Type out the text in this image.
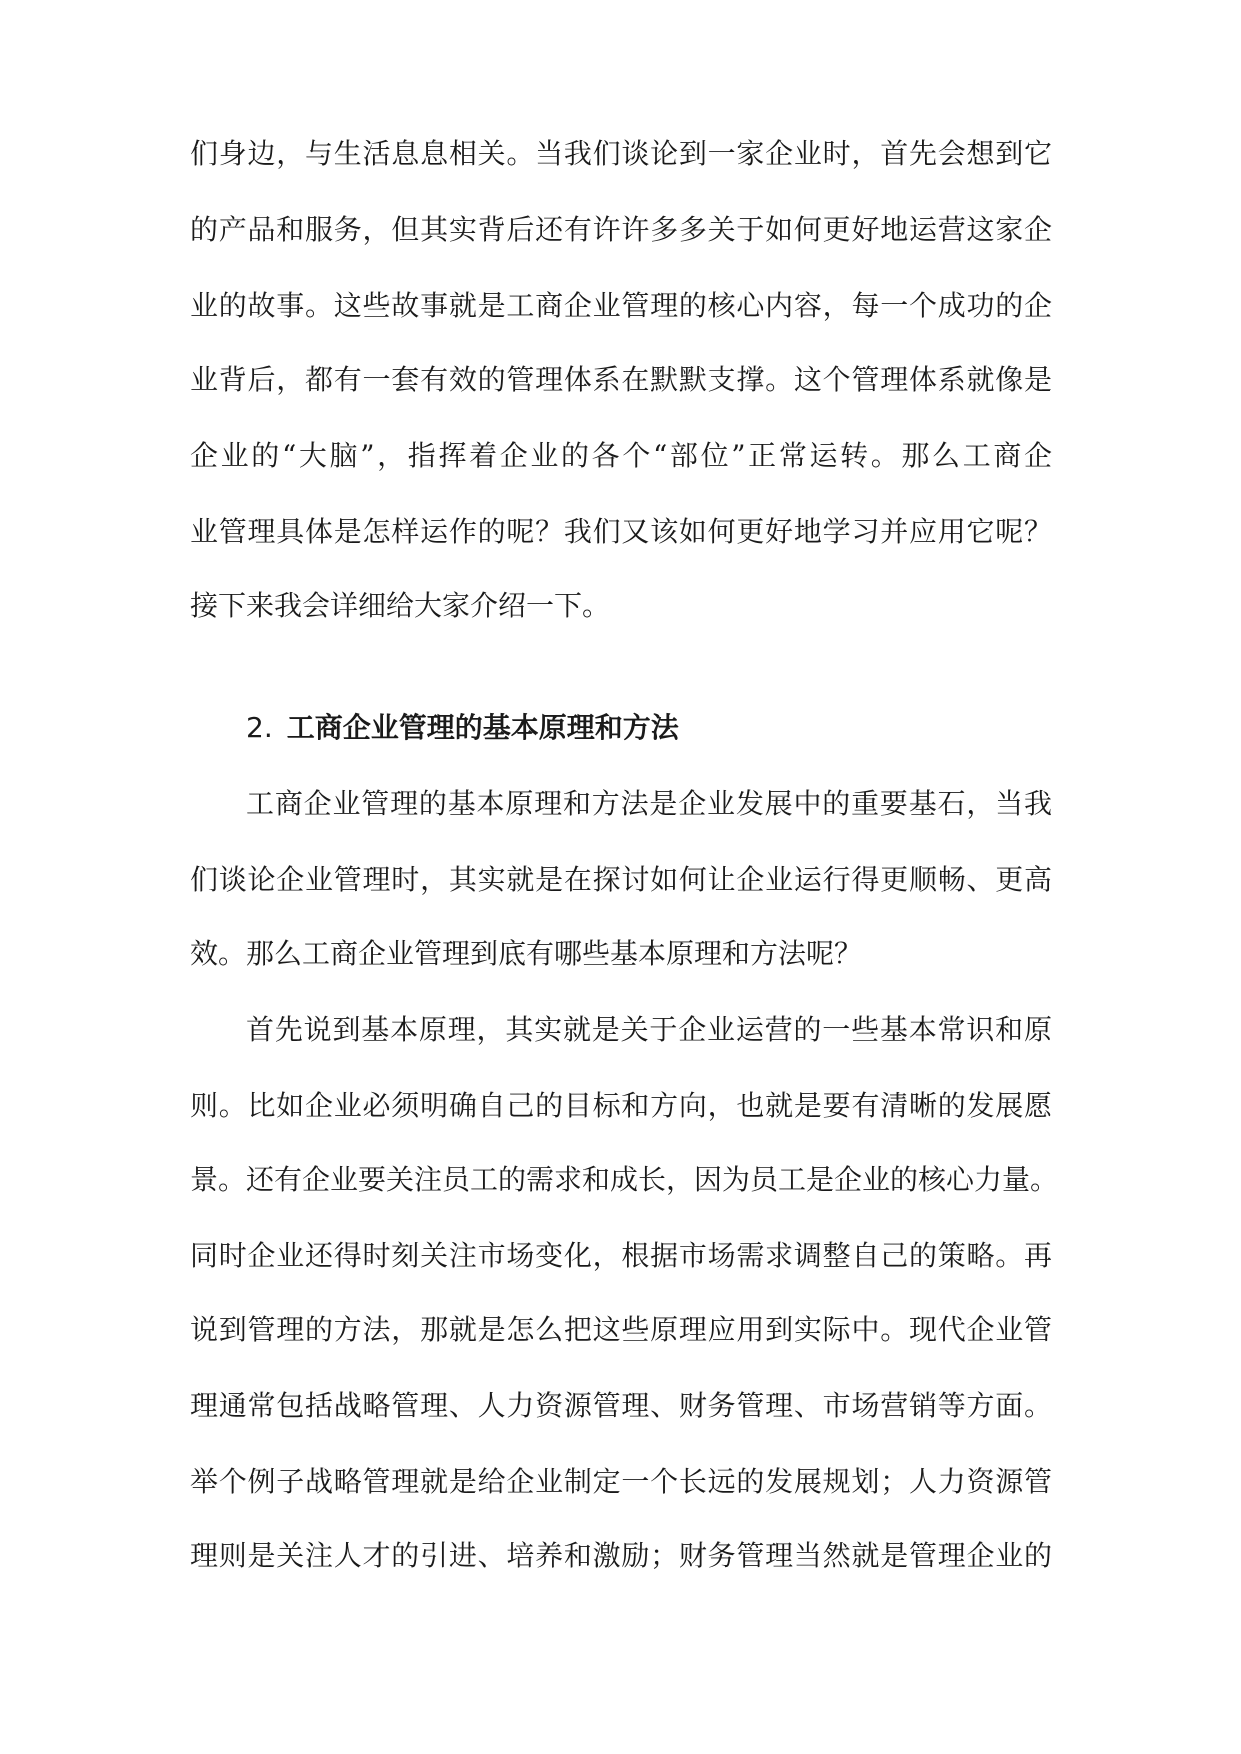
们身边，与生活息息相关。当我们谈论到一家企业时，首先会想到它
的产品和服务，但其实背后还有许许多多关于如何更好地运营这家企
业的故事。这些故事就是工商企业管理的核心内容，每一个成功的企
业背后，都有一套有效的管理体系在默默支撑。这个管理体系就像是
企业的“大脑”，指挥着企业的各个“部位”正常运转。那么工商企
业管理具体是怎样运作的呢？我们又该如何更好地学习并应用它呢？
接下来我会详细给大家介绍一下。
2. 工商企业管理的基本原理和方法
工商企业管理的基本原理和方法是企业发展中的重要基石，当我
们谈论企业管理时，其实就是在探讨如何让企业运行得更顺畅、更高
效。那么工商企业管理到底有哪些基本原理和方法呢？
首先说到基本原理，其实就是关于企业运营的一些基本常识和原
则。比如企业必须明确自己的目标和方向，也就是要有清晰的发展愿
景。还有企业要关注员工的需求和成长，因为员工是企业的核心力量。
同时企业还得时刻关注市场变化，根据市场需求调整自己的策略。再
说到管理的方法，那就是怎么把这些原理应用到实际中。现代企业管
理通常包括战略管理、人力资源管理、财务管理、市场营销等方面。
举个例子战略管理就是给企业制定一个长远的发展规划；人力资源管
理则是关注人才的引进、培养和激励；财务管理当然就是管理企业的
